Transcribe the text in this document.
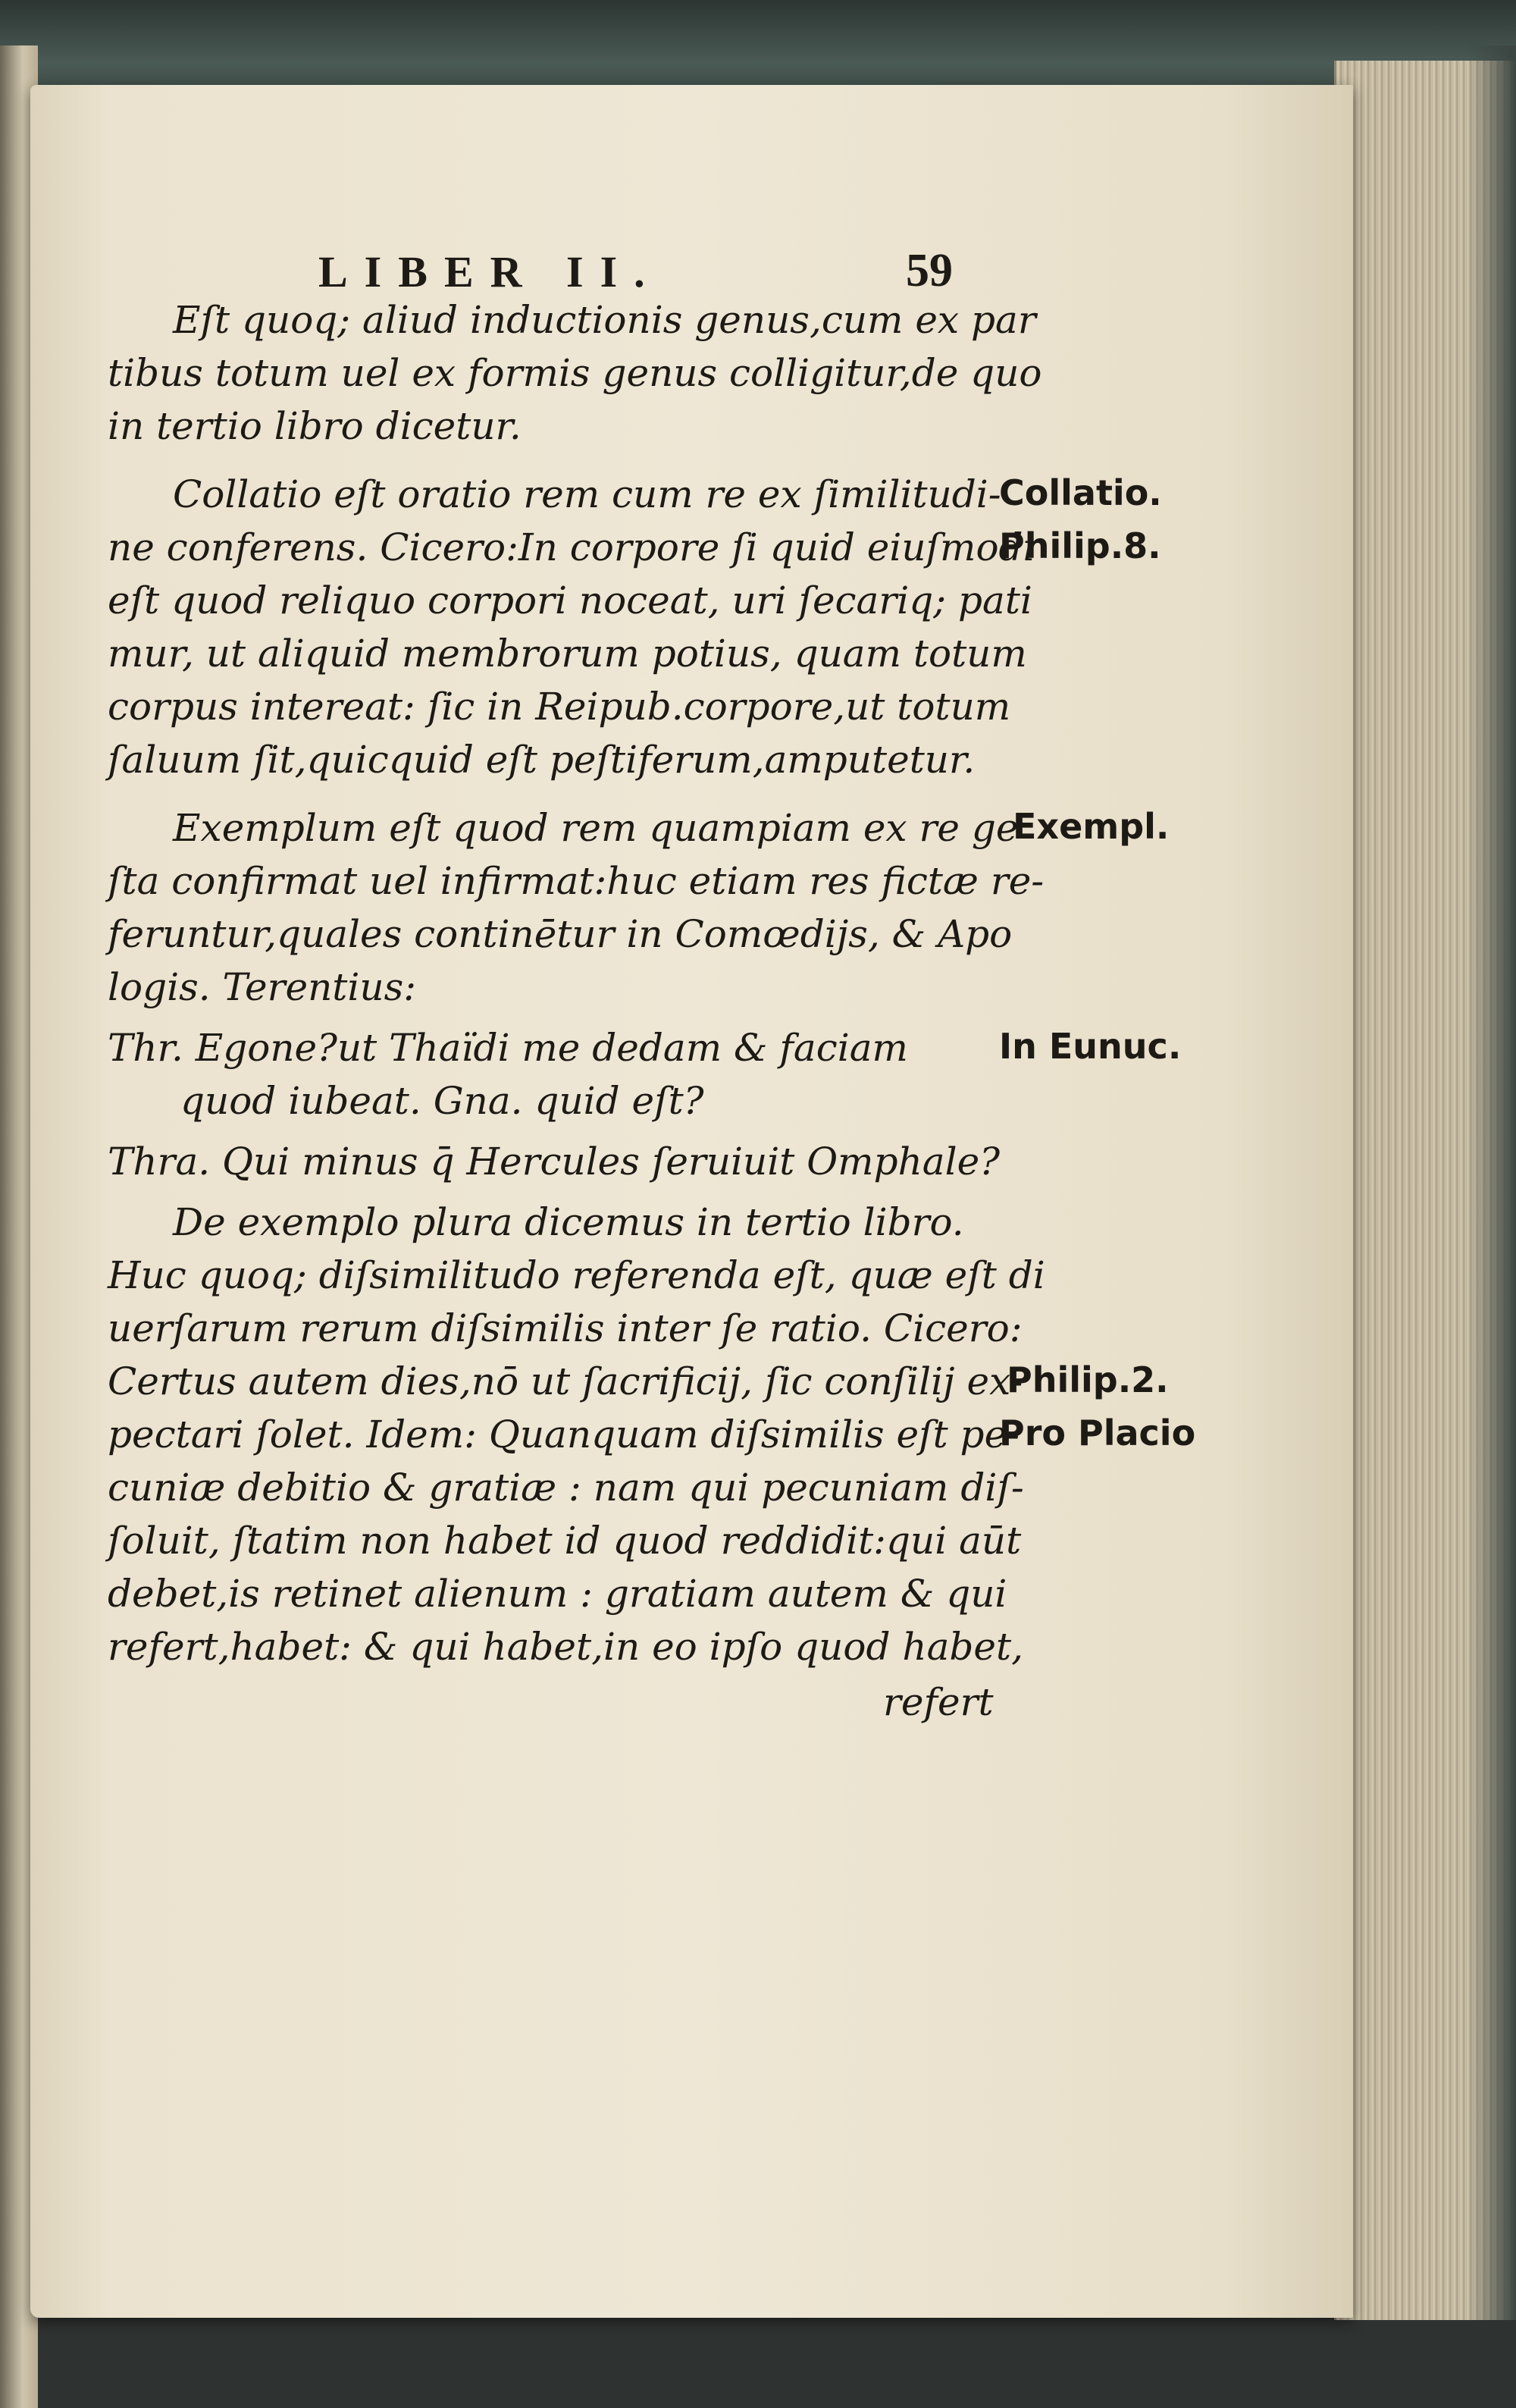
LIBER II.	59
Eſt quoq; aliud inductionis genus,cum ex par
tibus totum uel ex formis genus colligitur,de quo
in tertio libro dicetur.
Collatio eſt oratio rem cum re ex ſimilitudi-
ne conferens. Cicero:In corpore ſi quid eiuſmodi
eſt quod reliquo corpori noceat, uri ſecariq; pati
mur, ut aliquid membrorum potius, quam totum
corpus intereat: ſic in Reipub.corpore,ut totum
ſaluum ſit,quicquid eſt peſtiferum,amputetur.
Exemplum eſt quod rem quampiam ex re ge
ſta confirmat uel infirmat:huc etiam res fictæ re-
feruntur,quales continētur in Comœdijs, & Apo
logis. Terentius:
Thr. Egone?ut Thaïdi me dedam & faciam
quod iubeat. Gna. quid eſt?
Thra. Qui minus q̄ Hercules ſeruiuit Omphale?
De exemplo plura dicemus in tertio libro.
Huc quoq; diſsimilitudo referenda eſt, quæ eſt di
uerſarum rerum diſsimilis inter ſe ratio. Cicero:
Certus autem dies,nō ut ſacrificij, ſic conſilij ex-
pectari ſolet. Idem: Quanquam diſsimilis eſt pe-
cuniæ debitio & gratiæ : nam qui pecuniam diſ-
ſoluit, ſtatim non habet id quod reddidit:qui aūt
debet,is retinet alienum : gratiam autem & qui
refert,habet: & qui habet,in eo ipſo quod habet,
refert
Collatio.
Philip.8.
Exempl.
In Eunuc.
Philip.2.
Pro Placio
